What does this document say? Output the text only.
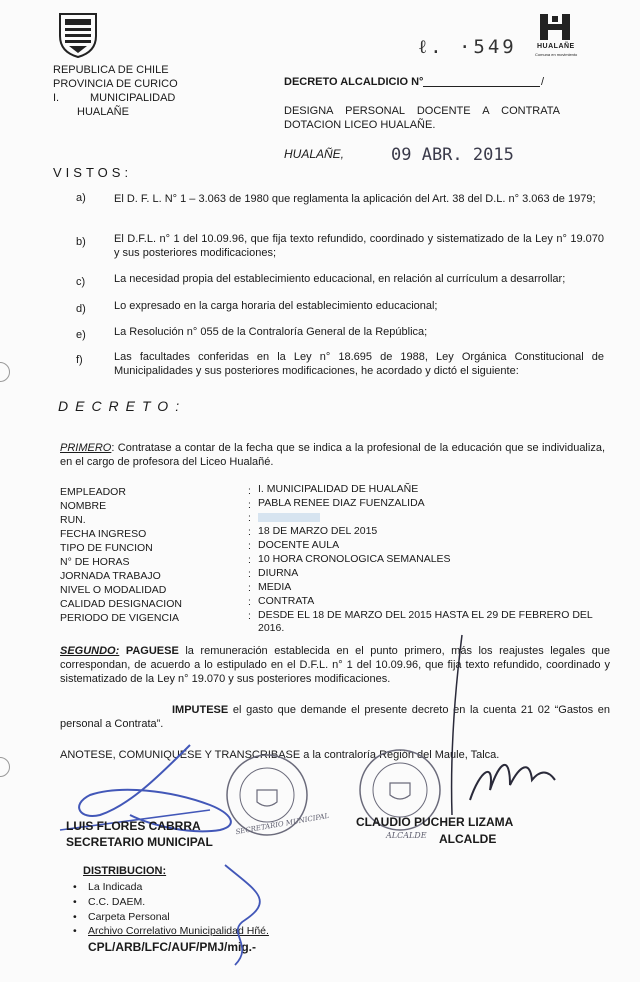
REPUBLICA DE CHILE
PROVINCIA DE CURICO
I.	MUNICIPALIDAD
HUALAÑE
HUALAÑE
Comuna en movimiento
ℓ. ·549
DECRETO ALCALDICIO N°	/
DESIGNA PERSONAL DOCENTE A CONTRATA DOTACION LICEO HUALAÑE.
HUALAÑE,	09 ABR. 2015
VISTOS:
a)	El D. F. L. N° 1 – 3.063 de 1980 que reglamenta la aplicación del Art. 38 del D.L. n° 3.063 de 1979;
b)	El D.F.L. n° 1 del 10.09.96, que fija texto refundido, coordinado y sistematizado de la Ley n° 19.070 y sus posteriores modificaciones;
c)	La necesidad propia del establecimiento educacional, en relación al currículum a desarrollar;
d)	Lo expresado en la carga horaria del establecimiento educacional;
e)	La Resolución n° 055 de la Contraloría General de la República;
f)	Las facultades conferidas en la Ley n° 18.695 de 1988, Ley Orgánica Constitucional de Municipalidades y sus posteriores modificaciones, he acordado y dictó el siguiente:
DECRETO:
PRIMERO: Contratase a contar de la fecha que se indica a la profesional de la educación que se individualiza, en el cargo de profesora del Liceo Hualañé.
EMPLEADOR	: I. MUNICIPALIDAD DE HUALAÑE
NOMBRE	: PABLA RENEE DIAZ FUENZALIDA
RUN.	:
FECHA INGRESO	: 18 DE MARZO DEL 2015
TIPO DE FUNCION	: DOCENTE AULA
N° DE HORAS	: 10 HORA CRONOLOGICA SEMANALES
JORNADA TRABAJO	: DIURNA
NIVEL O MODALIDAD	: MEDIA
CALIDAD DESIGNACION	: CONTRATA
PERIODO DE VIGENCIA	: DESDE EL 18 DE MARZO DEL 2015 HASTA EL 29 DE FEBRERO DEL 2016.
SEGUNDO: PAGUESE la remuneración establecida en el punto primero, más los reajustes legales que correspondan, de acuerdo a lo estipulado en el D.F.L. n° 1 del 10.09.96, que fija texto refundido, coordinado y sistematizado de la Ley n° 19.070 y sus posteriores modificaciones.
IMPUTESE el gasto que demande el presente decreto en la cuenta 21 02 “Gastos en personal a Contrata”.
ANOTESE, COMUNIQUESE Y TRANSCRIBASE a la contraloría Región del Maule, Talca.
SECRETARIO MUNICIPAL	ALCALDE
LUIS FLORES CABRRA
SECRETARIO MUNICIPAL
CLAUDIO PUCHER LIZAMA
ALCALDE
DISTRIBUCION:
• La Indicada
• C.C. DAEM.
• Carpeta Personal
• Archivo Correlativo Municipalidad Hñé.
CPL/ARB/LFC/AUF/PMJ/mig.-
